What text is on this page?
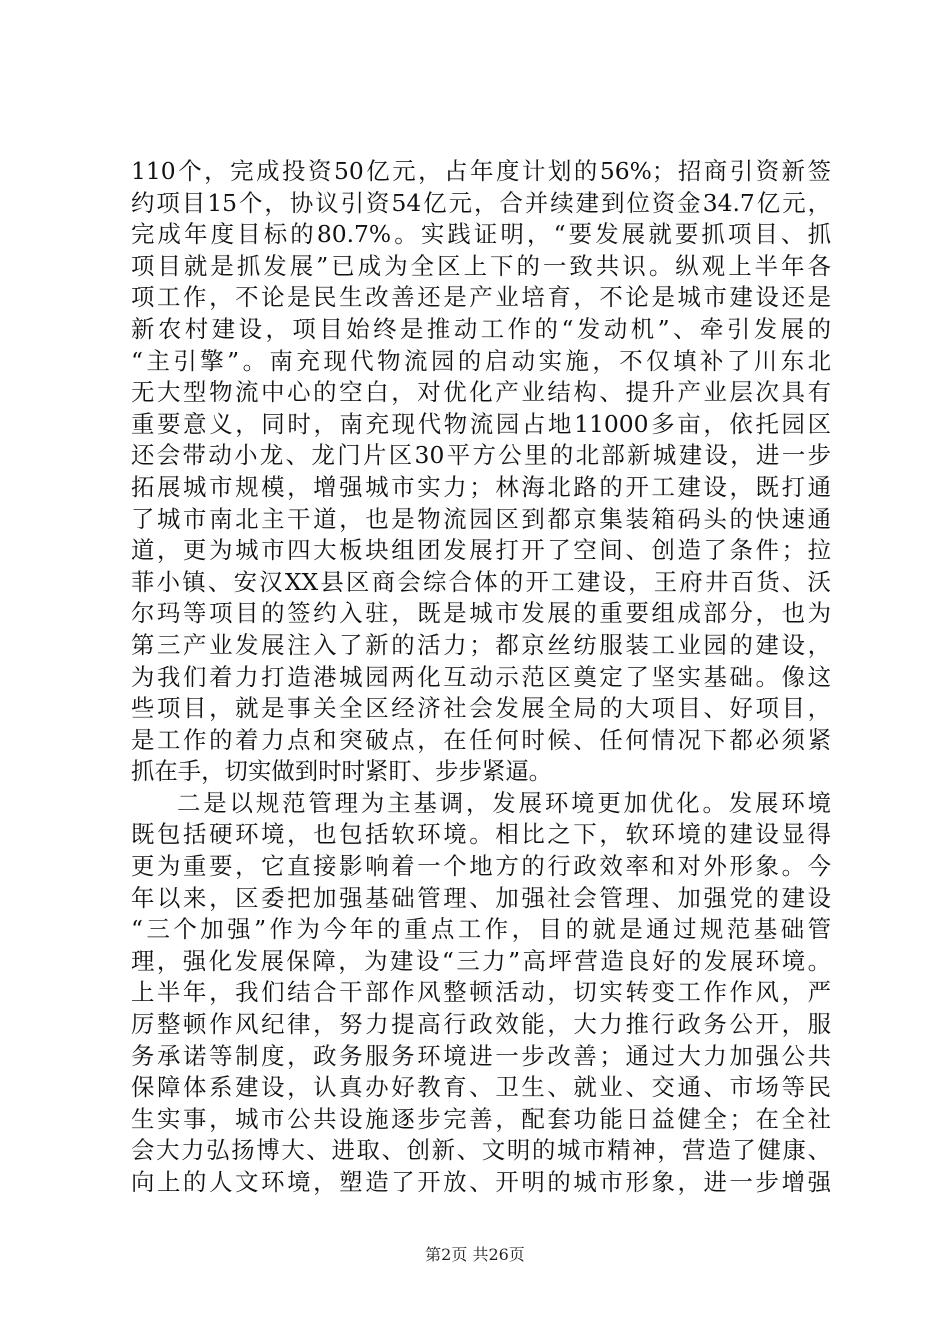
110个，完成投资50亿元，占年度计划的56%；招商引资新签
约项目15个，协议引资54亿元，合并续建到位资金34.7亿元，
完成年度目标的80.7%。实践证明，“要发展就要抓项目、抓
项目就是抓发展”已成为全区上下的一致共识。纵观上半年各
项工作，不论是民生改善还是产业培育，不论是城市建设还是
新农村建设，项目始终是推动工作的“发动机”、牵引发展的
“主引擎”。南充现代物流园的启动实施，不仅填补了川东北
无大型物流中心的空白，对优化产业结构、提升产业层次具有
重要意义，同时，南充现代物流园占地11000多亩，依托园区
还会带动小龙、龙门片区30平方公里的北部新城建设，进一步
拓展城市规模，增强城市实力；林海北路的开工建设，既打通
了城市南北主干道，也是物流园区到都京集装箱码头的快速通
道，更为城市四大板块组团发展打开了空间、创造了条件；拉
菲小镇、安汉XX县区商会综合体的开工建设，王府井百货、沃
尔玛等项目的签约入驻，既是城市发展的重要组成部分，也为
第三产业发展注入了新的活力；都京丝纺服装工业园的建设，
为我们着力打造港城园两化互动示范区奠定了坚实基础。像这
些项目，就是事关全区经济社会发展全局的大项目、好项目，
是工作的着力点和突破点，在任何时候、任何情况下都必须紧
抓在手，切实做到时时紧盯、步步紧逼。
二是以规范管理为主基调，发展环境更加优化。发展环境
既包括硬环境，也包括软环境。相比之下，软环境的建设显得
更为重要，它直接影响着一个地方的行政效率和对外形象。今
年以来，区委把加强基础管理、加强社会管理、加强党的建设
“三个加强”作为今年的重点工作，目的就是通过规范基础管
理，强化发展保障，为建设“三力”高坪营造良好的发展环境。
上半年，我们结合干部作风整顿活动，切实转变工作作风，严
厉整顿作风纪律，努力提高行政效能，大力推行政务公开，服
务承诺等制度，政务服务环境进一步改善；通过大力加强公共
保障体系建设，认真办好教育、卫生、就业、交通、市场等民
生实事，城市公共设施逐步完善，配套功能日益健全；在全社
会大力弘扬博大、进取、创新、文明的城市精神，营造了健康、
向上的人文环境，塑造了开放、开明的城市形象，进一步增强
第2页 共26页
